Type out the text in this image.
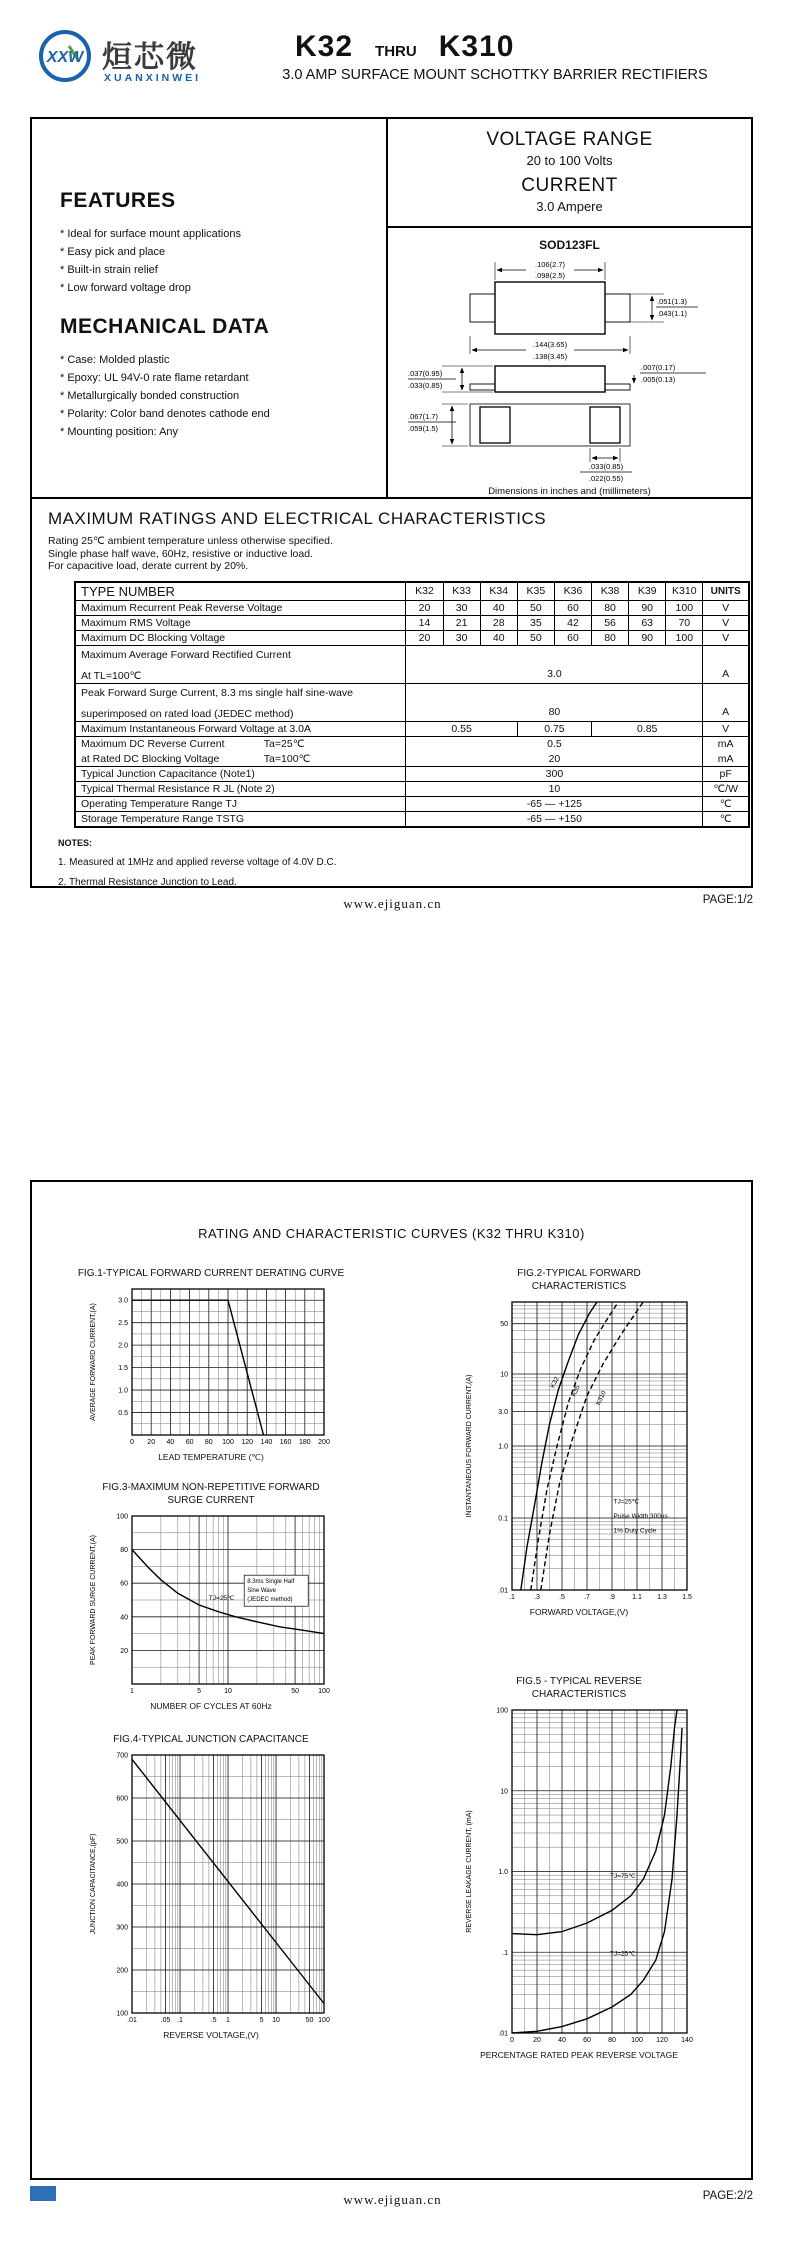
XXW 烜芯微
XUANXINWEI
K32 THRU K310
3.0 AMP SURFACE MOUNT SCHOTTKY BARRIER RECTIFIERS
FEATURES
* Ideal for surface mount applications
* Easy pick and place
* Built-in strain relief
* Low forward voltage drop
MECHANICAL DATA
* Case: Molded plastic
* Epoxy: UL 94V-0 rate flame retardant
* Metallurgically bonded construction
* Polarity: Color band denotes cathode end
* Mounting position: Any
VOLTAGE RANGE
20 to 100 Volts
CURRENT
3.0 Ampere
SOD123FL
.106(2.7)
.098(2.5)
.051(1.3)
.043(1.1)
.144(3.65)
.138(3.45)
.037(0.95)
.033(0.85)
.007(0.17)
.005(0.13)
.067(1.7)
.059(1.5)
.033(0.85)
.022(0.55)
Dimensions in inches and (millimeters)
MAXIMUM RATINGS AND ELECTRICAL CHARACTERISTICS
Rating 25℃ ambient temperature unless otherwise specified.
Single phase half wave, 60Hz, resistive or inductive load.
For capacitive load, derate current by 20%.
TYPE NUMBER	K32	K33	K34	K35	K36	K38	K39	K310	UNITS
Maximum Recurrent Peak Reverse Voltage	20	30	40	50	60	80	90	100	V
Maximum RMS Voltage	14	21	28	35	42	56	63	70	V
Maximum DC Blocking Voltage	20	30	40	50	60	80	90	100	V

Maximum Average Forward Rectified Current
At TL=100℃	3.0								A

Peak Forward Surge Current, 8.3 ms single half sine-wave
superimposed on rated load (JEDEC method)	80								A
Maximum Instantaneous Forward Voltage at 3.0A	0.55			0.75		0.85			V
Maximum DC Reverse Current Ta=25℃	0.5								mA
at Rated DC Blocking Voltage Ta=100℃	20								mA
Typical Junction Capacitance (Note1)	300								pF
Typical Thermal Resistance R JL (Note 2)	10								℃/W
Operating Temperature Range TJ	-65 — +125								℃
Storage Temperature Range TSTG	-65 — +150								℃
NOTES:
1. Measured at 1MHz and applied reverse voltage of 4.0V D.C.
2. Thermal Resistance Junction to Lead.
www.ejiguan.cn	PAGE:1/2
RATING AND CHARACTERISTIC CURVES (K32 THRU K310)
FIG.1-TYPICAL FORWARD CURRENT DERATING CURVE
0 20 40 60 80 100 120 140 160 180 200
0.5
1.0
1.5
2.0
2.5
3.0
AVERAGE FORWARD CURRENT,(A)
LEAD TEMPERATURE (℃)
FIG.3-MAXIMUM NON-REPETITIVE FORWARD
SURGE CURRENT
1	5	10	50	100
20
40
60
80
100
PEAK FORWARD SURGE CURRENT,(A)	TJ=25℃
8.3ms Single Half
Sine Wave
(JEDEC method)
NUMBER OF CYCLES AT 60Hz
FIG.4-TYPICAL JUNCTION CAPACITANCE
.01	.05 .1	.5 1	5 10	50 100
100
200
300
400
500
600
700
JUNCTION CAPACITANCE,(pF)
REVERSE VOLTAGE,(V)
FIG.2-TYPICAL FORWARD
CHARACTERISTICS
.1	.3	.5	.7	.9 1.1 1.3 1.5
50
10
3.0
1.0
0.1
.01
INSTANTANEOUS FORWARD CURRENT,(A)	K32
K35 K310
TJ=25℃
Pulse Width 300us
1% Duty Cycle
FORWARD VOLTAGE,(V)
FIG.5 - TYPICAL REVERSE
CHARACTERISTICS
0	20 40 60 80 100 120 140
100
10
1.0
.1
.01
REVERSE LEAKAGE CURRENT, (mA)	TJ=75℃
TJ=25℃
PERCENTAGE RATED PEAK REVERSE VOLTAGE
www.ejiguan.cn	PAGE:2/2
